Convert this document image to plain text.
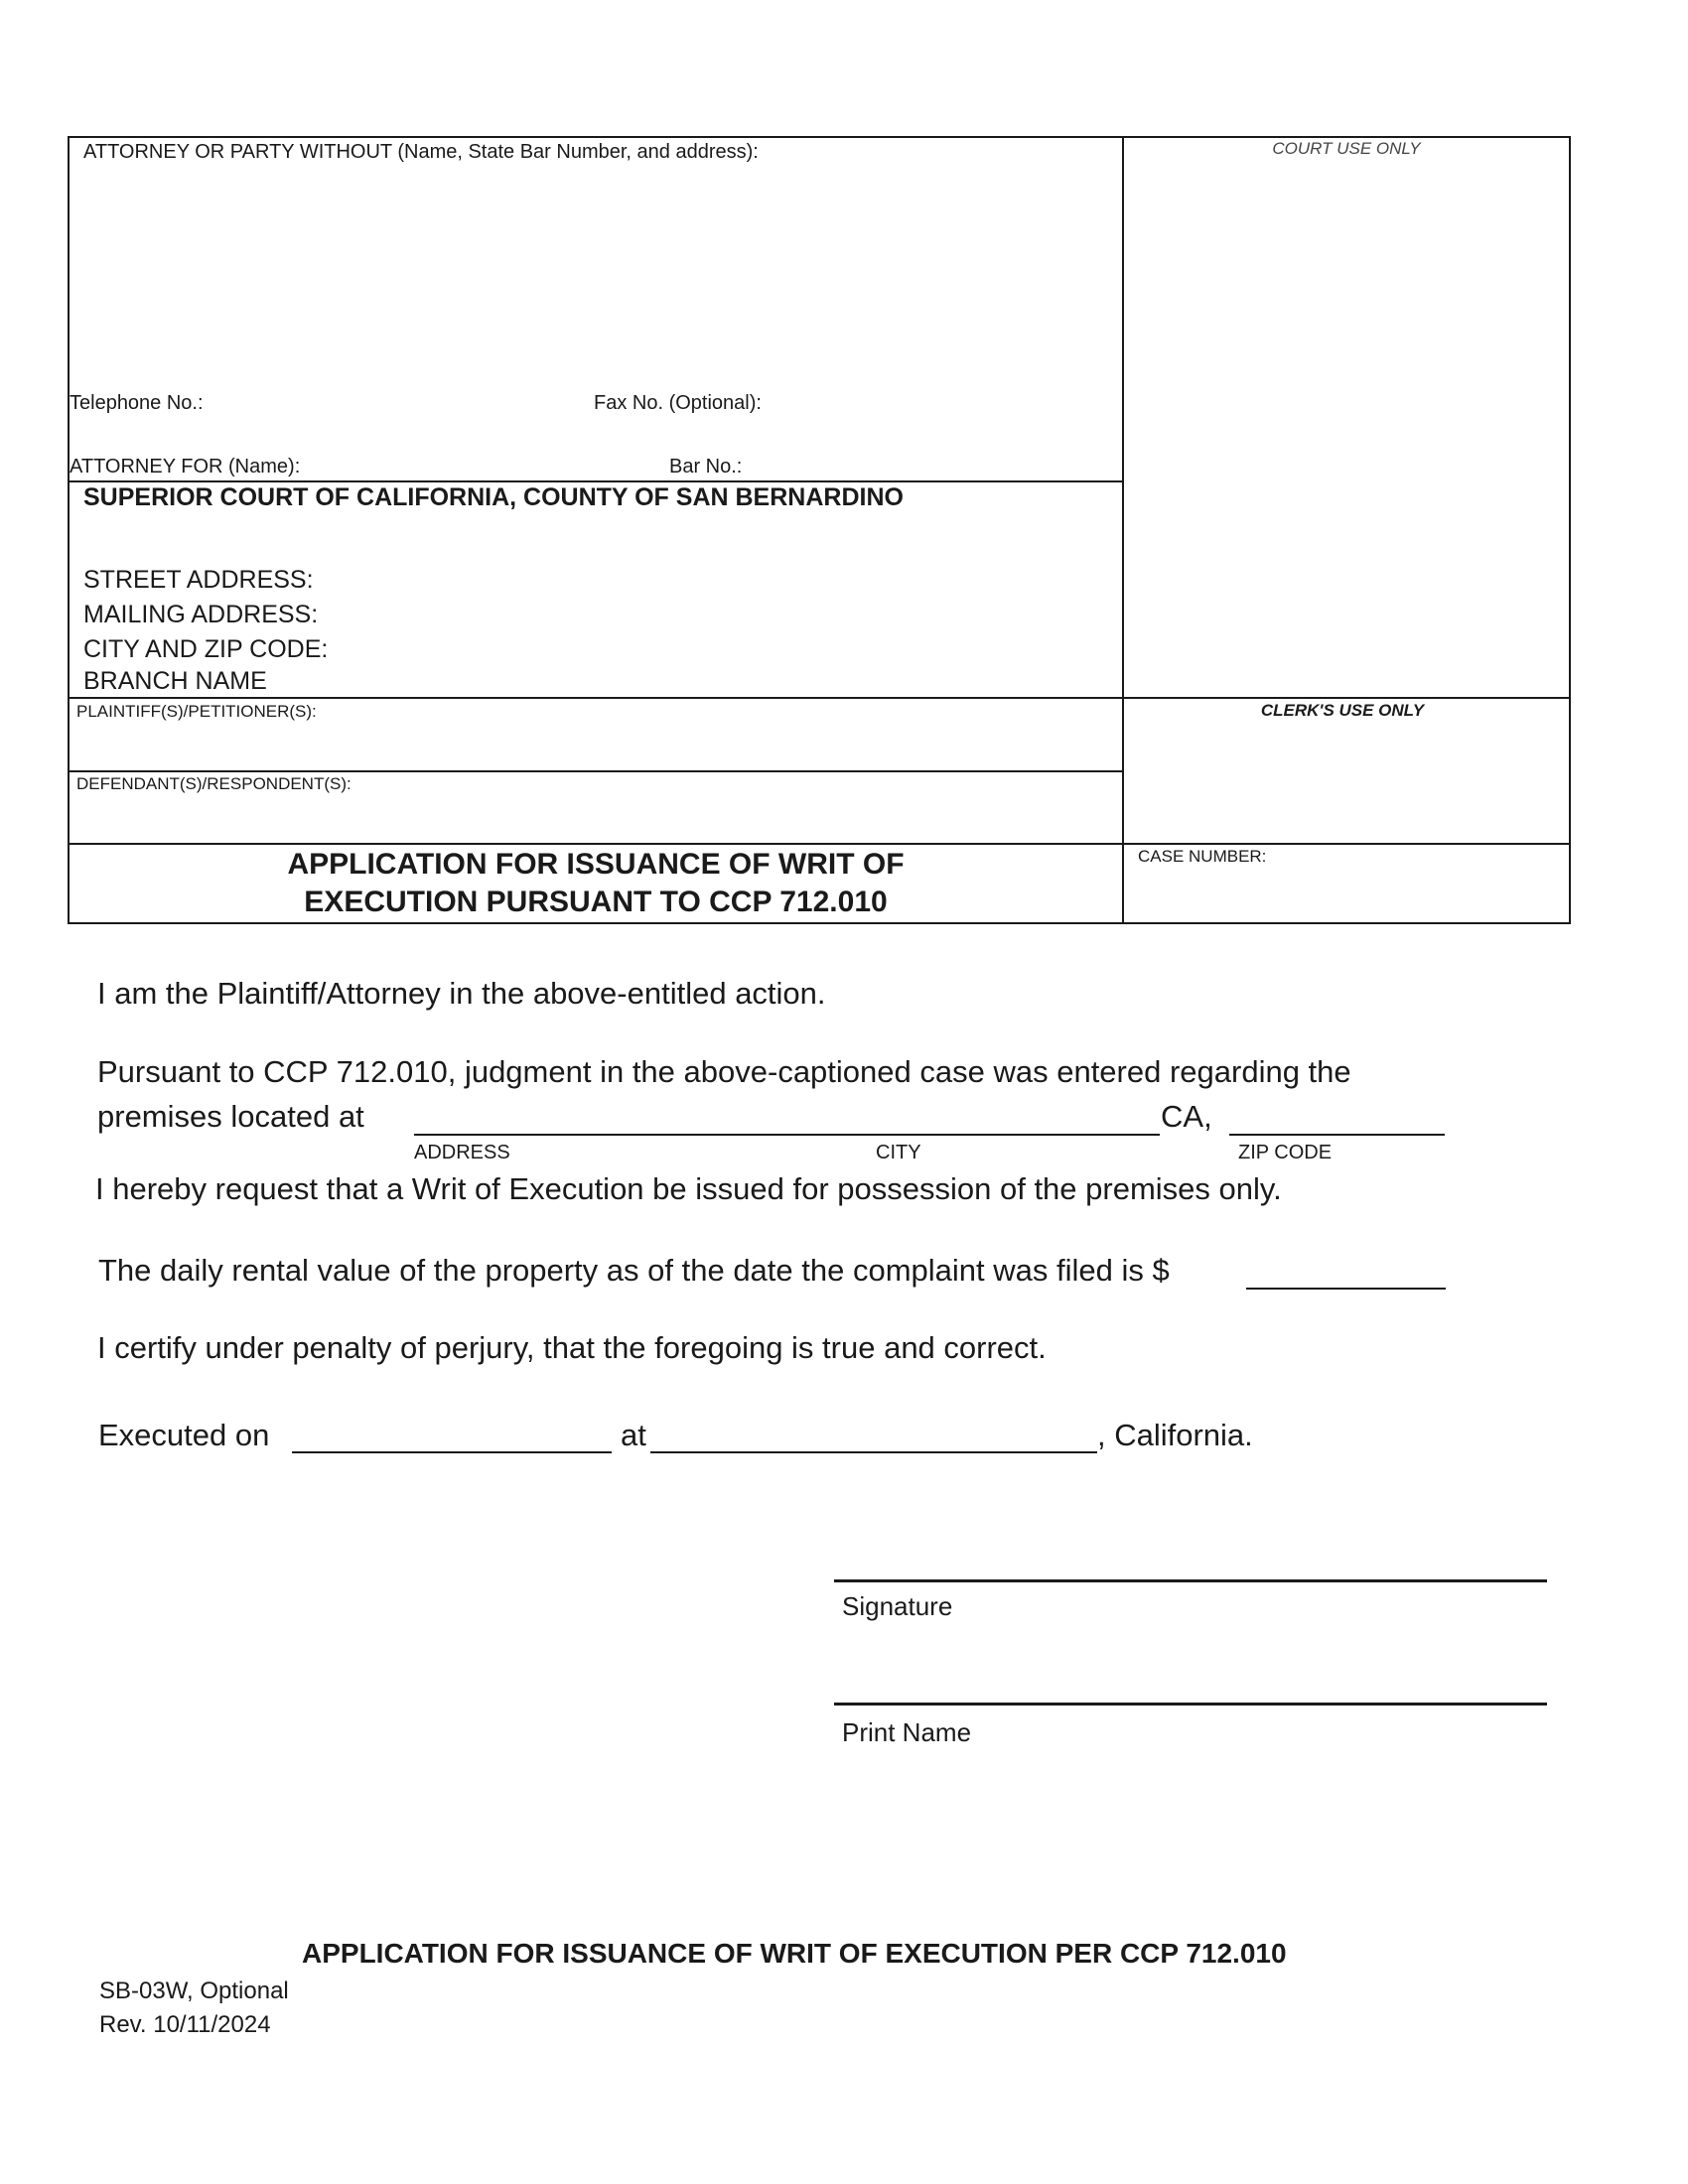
ATTORNEY OR PARTY WITHOUT (Name, State Bar Number, and address):	COURT USE ONLY
Telephone No.:	Fax No. (Optional):
ATTORNEY FOR (Name):	Bar No.:
SUPERIOR COURT OF CALIFORNIA, COUNTY OF SAN BERNARDINO
STREET ADDRESS:
MAILING ADDRESS:
CITY AND ZIP CODE:
BRANCH NAME
PLAINTIFF(S)/PETITIONER(S):	CLERK'S USE ONLY
DEFENDANT(S)/RESPONDENT(S):
APPLICATION FOR ISSUANCE OF WRIT OF
EXECUTION PURSUANT TO CCP 712.010
CASE NUMBER:
I am the Plaintiff/Attorney in the above-entitled action.
Pursuant to CCP 712.010, judgment in the above-captioned case was entered regarding the
premises located at	CA,
ADDRESS	CITY	ZIP CODE
I hereby request that a Writ of Execution be issued for possession of the premises only.
The daily rental value of the property as of the date the complaint was filed is $
I certify under penalty of perjury, that the foregoing is true and correct.
Executed on	at	, California.
Signature
Print Name
APPLICATION FOR ISSUANCE OF WRIT OF EXECUTION PER CCP 712.010
SB-03W, Optional
Rev. 10/11/2024
